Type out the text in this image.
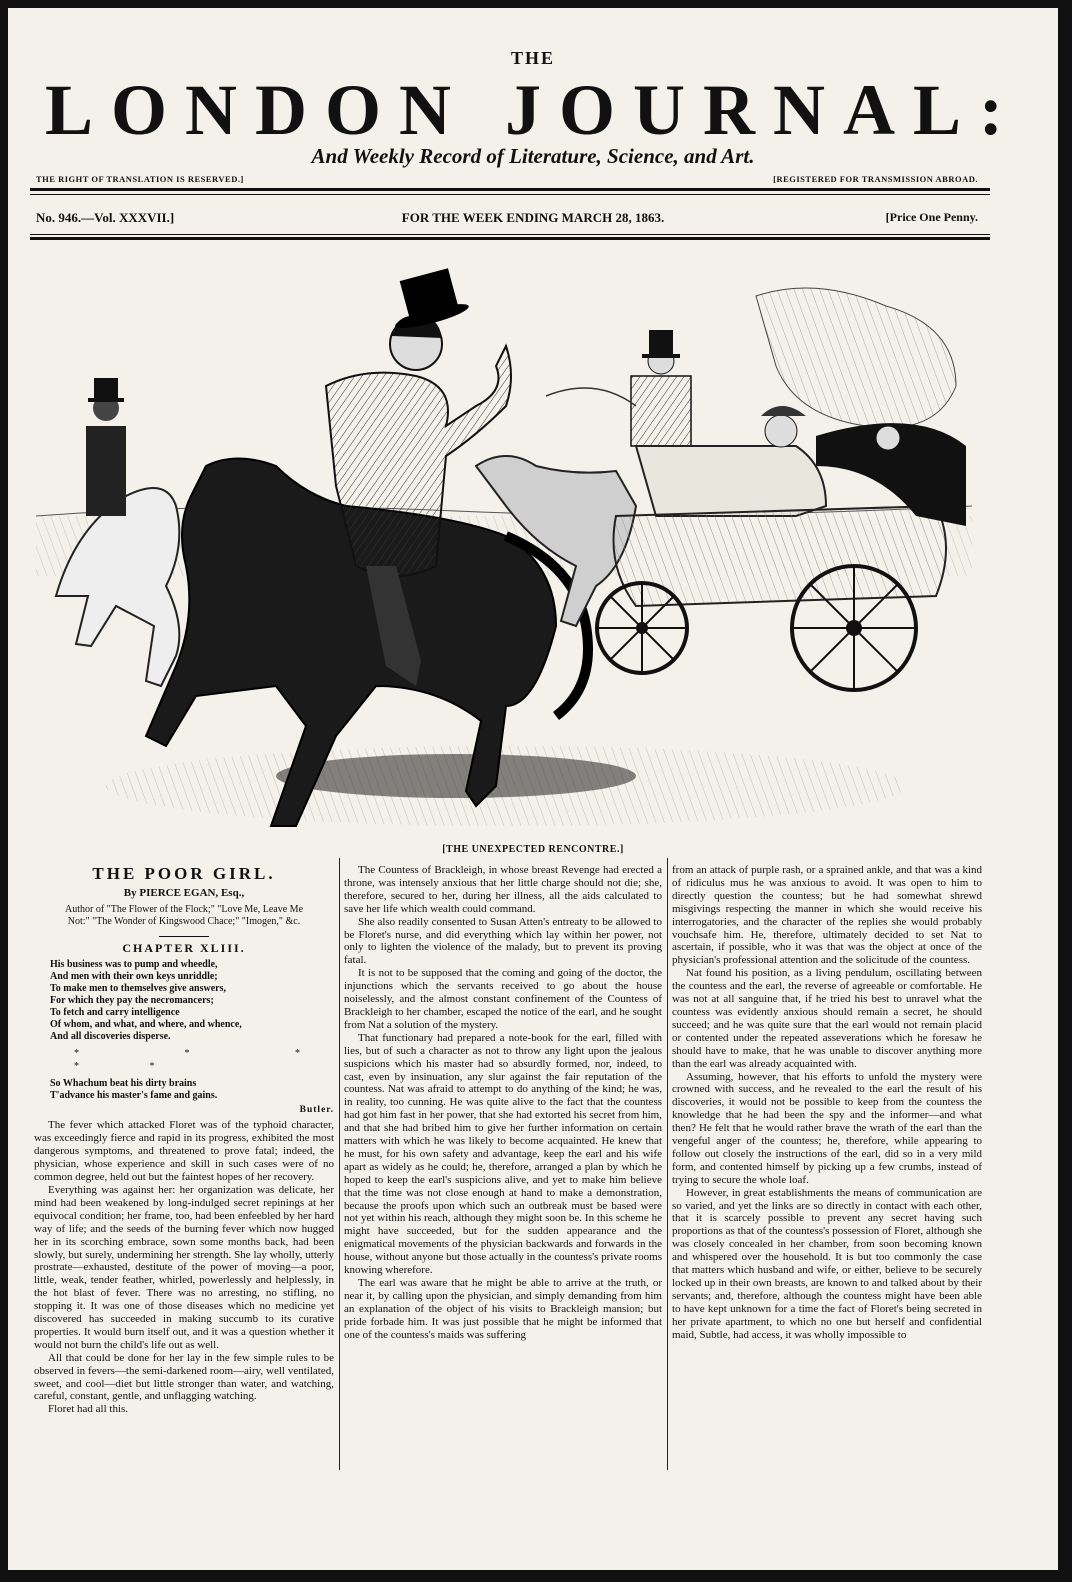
THE
LONDON JOURNAL:
And Weekly Record of Literature, Science, and Art.
THE RIGHT OF TRANSLATION IS RESERVED.]	[REGISTERED FOR TRANSMISSION ABROAD.
No. 946.—Vol. XXXVII.]	FOR THE WEEK ENDING MARCH 28, 1863.	[Price One Penny.
[THE UNEXPECTED RENCONTRE.]
THE POOR GIRL.
By PIERCE EGAN, Esq.,
Author of "The Flower of the Flock;" "Love Me, Leave Me
Not:" "The Wonder of Kingswood Chace;" "Imogen," &c.
CHAPTER XLIII.
His business was to pump and wheedle,
And men with their own keys unriddle;
To make men to themselves give answers,
For which they pay the necromancers;
To fetch and carry intelligence
Of whom, and what, and where, and whence,
And all discoveries disperse.
* * * * *
So Whachum beat his dirty brains
T'advance his master's fame and gains.
Butler.

The fever which attacked Floret was of the typhoid character, was exceedingly fierce and rapid in its progress, exhibited the most dangerous symptoms, and threatened to prove fatal; indeed, the physician, whose experience and skill in such cases were of no common degree, held out but the faintest hopes of her recovery.

Everything was against her: her organization was delicate, her mind had been weakened by long-indulged secret repinings at her equivocal condition; her frame, too, had been enfeebled by her hard way of life; and the seeds of the burning fever which now hugged her in its scorching embrace, sown some months back, had been slowly, but surely, undermining her strength. She lay wholly, utterly prostrate—exhausted, destitute of the power of moving—a poor, little, weak, tender feather, whirled, powerlessly and helplessly, in the hot blast of fever. There was no arresting, no stifling, no stopping it. It was one of those diseases which no medicine yet discovered has succeeded in making succumb to its curative properties. It would burn itself out, and it was a question whether it would not burn the child's life out as well.

All that could be done for her lay in the few simple rules to be observed in fevers—the semi-darkened room—airy, well ventilated, sweet, and cool—diet but little stronger than water, and watching, careful, constant, gentle, and unflagging watching.

Floret had all this.

The Countess of Brackleigh, in whose breast Revenge had erected a throne, was intensely anxious that her little charge should not die; she, therefore, secured to her, during her illness, all the aids calculated to save her life which wealth could command.

She also readily consented to Susan Atten's entreaty to be allowed to be Floret's nurse, and did everything which lay within her power, not only to lighten the violence of the malady, but to prevent its proving fatal.

It is not to be supposed that the coming and going of the doctor, the injunctions which the servants received to go about the house noiselessly, and the almost constant confinement of the Countess of Brackleigh to her chamber, escaped the notice of the earl, and he sought from Nat a solution of the mystery.

That functionary had prepared a note-book for the earl, filled with lies, but of such a character as not to throw any light upon the jealous suspicions which his master had so absurdly formed, nor, indeed, to cast, even by insinuation, any slur against the fair reputation of the countess. Nat was afraid to attempt to do anything of the kind; he was, in reality, too cunning. He was quite alive to the fact that the countess had got him fast in her power, that she had extorted his secret from him, and that she had bribed him to give her further information on certain matters with which he was likely to become acquainted. He knew that he must, for his own safety and advantage, keep the earl and his wife apart as widely as he could; he, therefore, arranged a plan by which he hoped to keep the earl's suspicions alive, and yet to make him believe that the time was not close enough at hand to make a demonstration, because the proofs upon which such an outbreak must be based were not yet within his reach, although they might soon be. In this scheme he might have succeeded, but for the sudden appearance and the enigmatical movements of the physician backwards and forwards in the house, without anyone but those actually in the countess's private rooms knowing wherefore.

The earl was aware that he might be able to arrive at the truth, or near it, by calling upon the physician, and simply demanding from him an explanation of the object of his visits to Brackleigh mansion; but pride forbade him. It was just possible that he might be informed that one of the countess's maids was suffering

from an attack of purple rash, or a sprained ankle, and that was a kind of ridiculus mus he was anxious to avoid. It was open to him to directly question the countess; but he had somewhat shrewd misgivings respecting the manner in which she would receive his interrogatories, and the character of the replies she would probably vouchsafe him. He, therefore, ultimately decided to set Nat to ascertain, if possible, who it was that was the object at once of the physician's professional attention and the solicitude of the countess.

Nat found his position, as a living pendulum, oscillating between the countess and the earl, the reverse of agreeable or comfortable. He was not at all sanguine that, if he tried his best to unravel what the countess was evidently anxious should remain a secret, he should succeed; and he was quite sure that the earl would not remain placid or contented under the repeated asseverations which he foresaw he should have to make, that he was unable to discover anything more than the earl was already acquainted with.

Assuming, however, that his efforts to unfold the mystery were crowned with success, and he revealed to the earl the result of his discoveries, it would not be possible to keep from the countess the knowledge that he had been the spy and the informer—and what then? He felt that he would rather brave the wrath of the earl than the vengeful anger of the countess; he, therefore, while appearing to follow out closely the instructions of the earl, did so in a very mild form, and contented himself by picking up a few crumbs, instead of trying to secure the whole loaf.

However, in great establishments the means of communication are so varied, and yet the links are so directly in contact with each other, that it is scarcely possible to prevent any secret having such proportions as that of the countess's possession of Floret, although she was closely concealed in her chamber, from soon becoming known and whispered over the household. It is but too commonly the case that matters which husband and wife, or either, believe to be securely locked up in their own breasts, are known to and talked about by their servants; and, therefore, although the countess might have been able to have kept unknown for a time the fact of Floret's being secreted in her private apartment, to which no one but herself and confidential maid, Subtle, had access, it was wholly impossible to
